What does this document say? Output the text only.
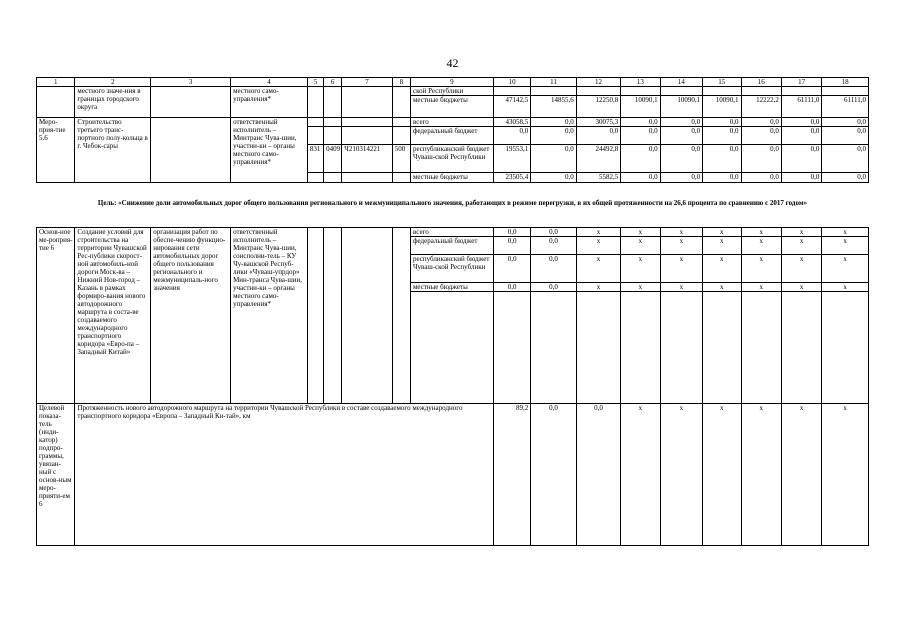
42
1	2	3	4	5	6	7	8	9	10	11	12	13	14	15	16	17	18
	местного значе-ния в границах городского округа		местного само-управления*					ской Республики									
								местные бюджеты	47142,5	14855,6	12250,8	10090,1	10090,1	10090,1	12222,2	61111,0	61111,0
Меро-прия-тие 5.6	Строительство третьего транс-портного полу-кольца в г. Чебок-сары		ответственный исполнитель – Минтранс Чува-шии, участни-ки – органы местного само-управления*					всего	43058,5	0,0	30075,3	0,0	0,0	0,0	0,0	0,0	0,0
								федеральный бюджет	0,0	0,0	0,0	0,0	0,0	0,0	0,0	0,0	0,0
				831	0409	Ч210314221	500	республиканский бюджет Чуваш-ской Республики	19553,1	0,0	24492,8	0,0	0,0	0,0	0,0	0,0	0,0
								местные бюджеты	23505,4	0,0	5582,5	0,0	0,0	0,0	0,0	0,0	0,0
Цель: «Снижение доли автомобильных дорог общего пользования регионального и межмуниципального значения, работающих в режиме перегрузки, в их общей протяженности на 26,6 процента по сравнению с 2017 годом»
Основ-ное ме-роприя-тие 6	Создание условий для строительства на территории Чувашской Рес-публики скорост-ной автомобиль-ной дороги Моск-ва – Нижний Нов-город – Казань в рамках формиро-вания нового автодорожного маршрута в соста-ве создаваемого международного транспортного коридора «Евро-па – Западный Китай»	организация работ по обеспе-чению функцио-нирования сети автомобильных дорог общего пользования регионального и межмуниципаль-ного значения	ответственный исполнитель – Минтранс Чува-шии, соисполни-тель – КУ Чу-вашской Респуб-лики «Чуваш-упрдор» Мин-транса Чува-шии, участни-ки – органы местного само-управления*					всего	0,0	0,0	х	х	х	х	х	х	х
								федеральный бюджет	0,0	0,0	х	х	х	х	х	х	х
								республиканский бюджет Чуваш-ской Республики	0,0	0,0	х	х	х	х	х	х	х
								местные бюджеты	0,0	0,0	х	х	х	х	х	х	х

Целевой показа-тель (инди-катор) подпро-граммы, увязан-ный с основ-ным меро-прияти-ем 6	Протяженность нового автодорожного маршрута на территории Чувашской Республики в составе создаваемого международного транспортного коридора «Европа – Западный Ки-тай», км								89,2	0,0	0,0	х	х	х	х	х	х
